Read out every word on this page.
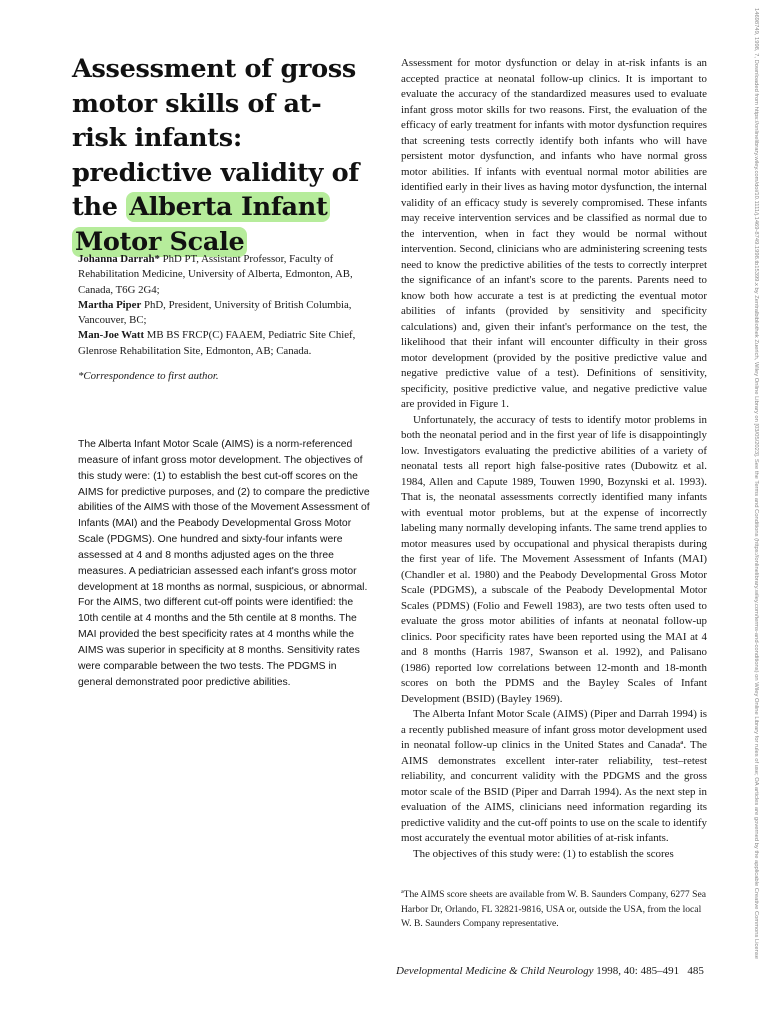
Assessment of gross motor skills of at-risk infants: predictive validity of the Alberta Infant Motor Scale

Johanna Darrah* PhD PT, Assistant Professor, Faculty of Rehabilitation Medicine, University of Alberta, Edmonton, AB, Canada, T6G 2G4;

Martha Piper PhD, President, University of British Columbia, Vancouver, BC;

Man-Joe Watt MB BS FRCP(C) FAAEM, Pediatric Site Chief, Glenrose Rehabilitation Site, Edmonton, AB; Canada.

*Correspondence to first author.

The Alberta Infant Motor Scale (AIMS) is a norm-referenced measure of infant gross motor development. The objectives of this study were: (1) to establish the best cut-off scores on the AIMS for predictive purposes, and (2) to compare the predictive abilities of the AIMS with those of the Movement Assessment of Infants (MAI) and the Peabody Developmental Gross Motor Scale (PDGMS). One hundred and sixty-four infants were assessed at 4 and 8 months adjusted ages on the three measures. A pediatrician assessed each infant's gross motor development at 18 months as normal, suspicious, or abnormal. For the AIMS, two different cut-off points were identified: the 10th centile at 4 months and the 5th centile at 8 months. The MAI provided the best specificity rates at 4 months while the AIMS was superior in specificity at 8 months. Sensitivity rates were comparable between the two tests. The PDGMS in general demonstrated poor predictive abilities.

Assessment for motor dysfunction or delay in at-risk infants is an accepted practice at neonatal follow-up clinics. It is important to evaluate the accuracy of the standardized measures used to evaluate infant gross motor skills for two reasons. First, the evaluation of the efficacy of early treatment for infants with motor dysfunction requires that screening tests correctly identify both infants who will have persistent motor dysfunction, and infants who have normal gross motor abilities. If infants with eventual normal motor abilities are identified early in their lives as having motor dysfunction, the internal validity of an efficacy study is severely compromised. These infants may receive intervention services and be classified as normal due to the intervention, when in fact they would be normal without intervention. Second, clinicians who are administering screening tests need to know the predictive abilities of the tests to correctly interpret the significance of an infant's score to the parents. Parents need to know both how accurate a test is at predicting the eventual motor abilities of infants (provided by sensitivity and specificity calculations) and, given their infant's performance on the test, the likelihood that their infant will encounter difficulty in their gross motor development (provided by the positive predictive value and negative predictive value of a test). Definitions of sensitivity, specificity, positive predictive value, and negative predictive value are provided in Figure 1.

Unfortunately, the accuracy of tests to identify motor problems in both the neonatal period and in the first year of life is disappointingly low. Investigators evaluating the predictive abilities of a variety of neonatal tests all report high false-positive rates (Dubowitz et al. 1984, Allen and Capute 1989, Touwen 1990, Bozynski et al. 1993). That is, the neonatal assessments correctly identified many infants with eventual motor problems, but at the expense of incorrectly labeling many normally developing infants. The same trend applies to motor measures used by occupational and physical therapists during the first year of life. The Movement Assessment of Infants (MAI) (Chandler et al. 1980) and the Peabody Developmental Gross Motor Scale (PDGMS), a subscale of the Peabody Developmental Motor Scales (PDMS) (Folio and Fewell 1983), are two tests often used to evaluate the gross motor abilities of infants at neonatal follow-up clinics. Poor specificity rates have been reported using the MAI at 4 and 8 months (Harris 1987, Swanson et al. 1992), and Palisano (1986) reported low correlations between 12-month and 18-month scores on both the PDMS and the Bayley Scales of Infant Development (BSID) (Bayley 1969).

The Alberta Infant Motor Scale (AIMS) (Piper and Darrah 1994) is a recently published measure of infant gross motor development used in neonatal follow-up clinics in the United States and Canadaª. The AIMS demonstrates excellent inter-rater reliability, test–retest reliability, and concurrent validity with the PDGMS and the gross motor scale of the BSID (Piper and Darrah 1994). As the next step in evaluation of the AIMS, clinicians need information regarding its predictive validity and the cut-off points to use on the scale to identify most accurately the eventual motor abilities of at-risk infants.

The objectives of this study were: (1) to establish the scores

ªThe AIMS score sheets are available from W. B. Saunders Company, 6277 Sea Harbor Dr, Orlando, FL 32821-9816, USA or, outside the USA, from the local W. B. Saunders Company representative.

Developmental Medicine & Child Neurology 1998, 40: 485–491 485
14698749, 1998, 7, Downloaded from https://onlinelibrary.wiley.com/doi/10.1111/j.1469-8749.1998.tb15399.x by Zentralbibliothek Zuerich, Wiley Online Library on [03/05/2023]. See the Terms and Conditions (https://onlinelibrary.wiley.com/terms-and-conditions) on Wiley Online Library for rules of use; OA articles are governed by the applicable Creative Commons License
